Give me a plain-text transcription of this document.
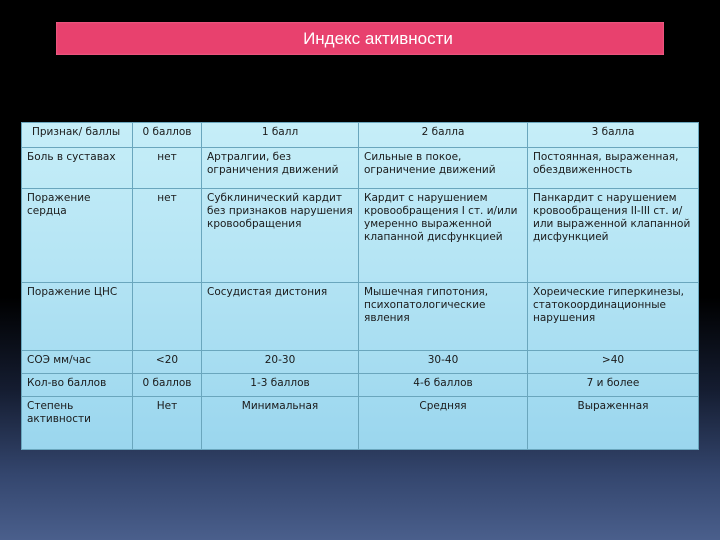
Индекс активности
Признак/ баллы	0 баллов	1 балл	2 балла	3 балла
Боль в суставах	нет	Артралгии, без ограничения движений	Сильные в покое, ограничение движений	Постоянная, выраженная, обездвиженность
Поражение сердца	нет	Субклинический кардит без признаков нарушения кровообращения	Кардит с нарушением кровообращения I ст. и/или умеренно выраженной клапанной дисфункцией	Панкардит с нарушением кровообращения II-III ст. и/или выраженной клапанной дисфункцией
Поражение ЦНС		Сосудистая дистония	Мышечная гипотония, психопатологические явления	Хореические гиперкинезы, статокоординационные нарушения
СОЭ мм/час	<20	20-30	30-40	>40
Кол-во баллов	0 баллов	1-3 баллов	4-6 баллов	7 и более
Степень активности	Нет	Минимальная	Средняя	Выраженная
